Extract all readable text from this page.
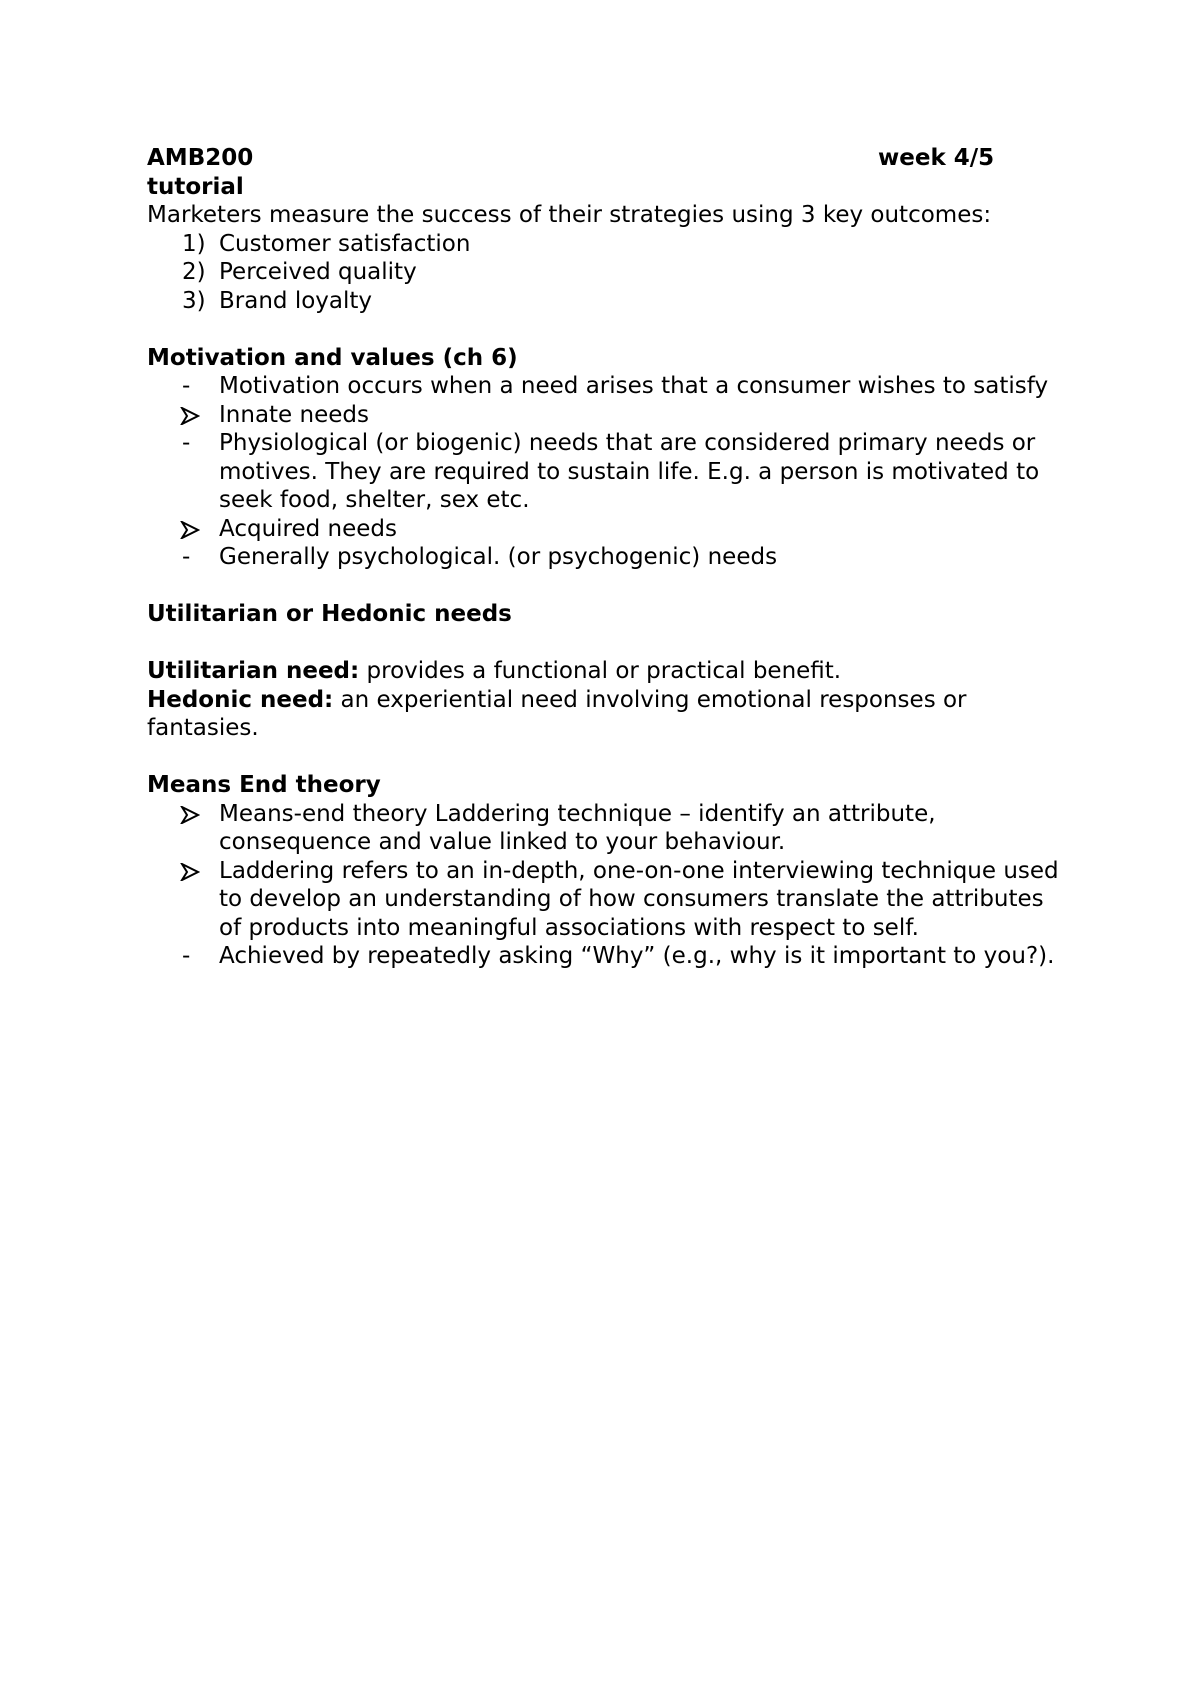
AMB200	week 4/5
tutorial
Marketers measure the success of their strategies using 3 key outcomes:
1) Customer satisfaction
2) Perceived quality
3) Brand loyalty
Motivation and values (ch 6)
-	Motivation occurs when a need arises that a consumer wishes to satisfy
Innate needs
-	Physiological (or biogenic) needs that are considered primary needs or motives. They are required to sustain life. E.g. a person is motivated to seek food, shelter, sex etc.
Acquired needs
-	Generally psychological. (or psychogenic) needs
Utilitarian or Hedonic needs
Utilitarian need: provides a functional or practical benefit.
Hedonic need: an experiential need involving emotional responses or fantasies.
Means End theory
Means-end theory Laddering technique – identify an attribute, consequence and value linked to your behaviour.
Laddering refers to an in-depth, one-on-one interviewing technique used to develop an understanding of how consumers translate the attributes of products into meaningful associations with respect to self.
-	Achieved by repeatedly asking “Why” (e.g., why is it important to you?).
